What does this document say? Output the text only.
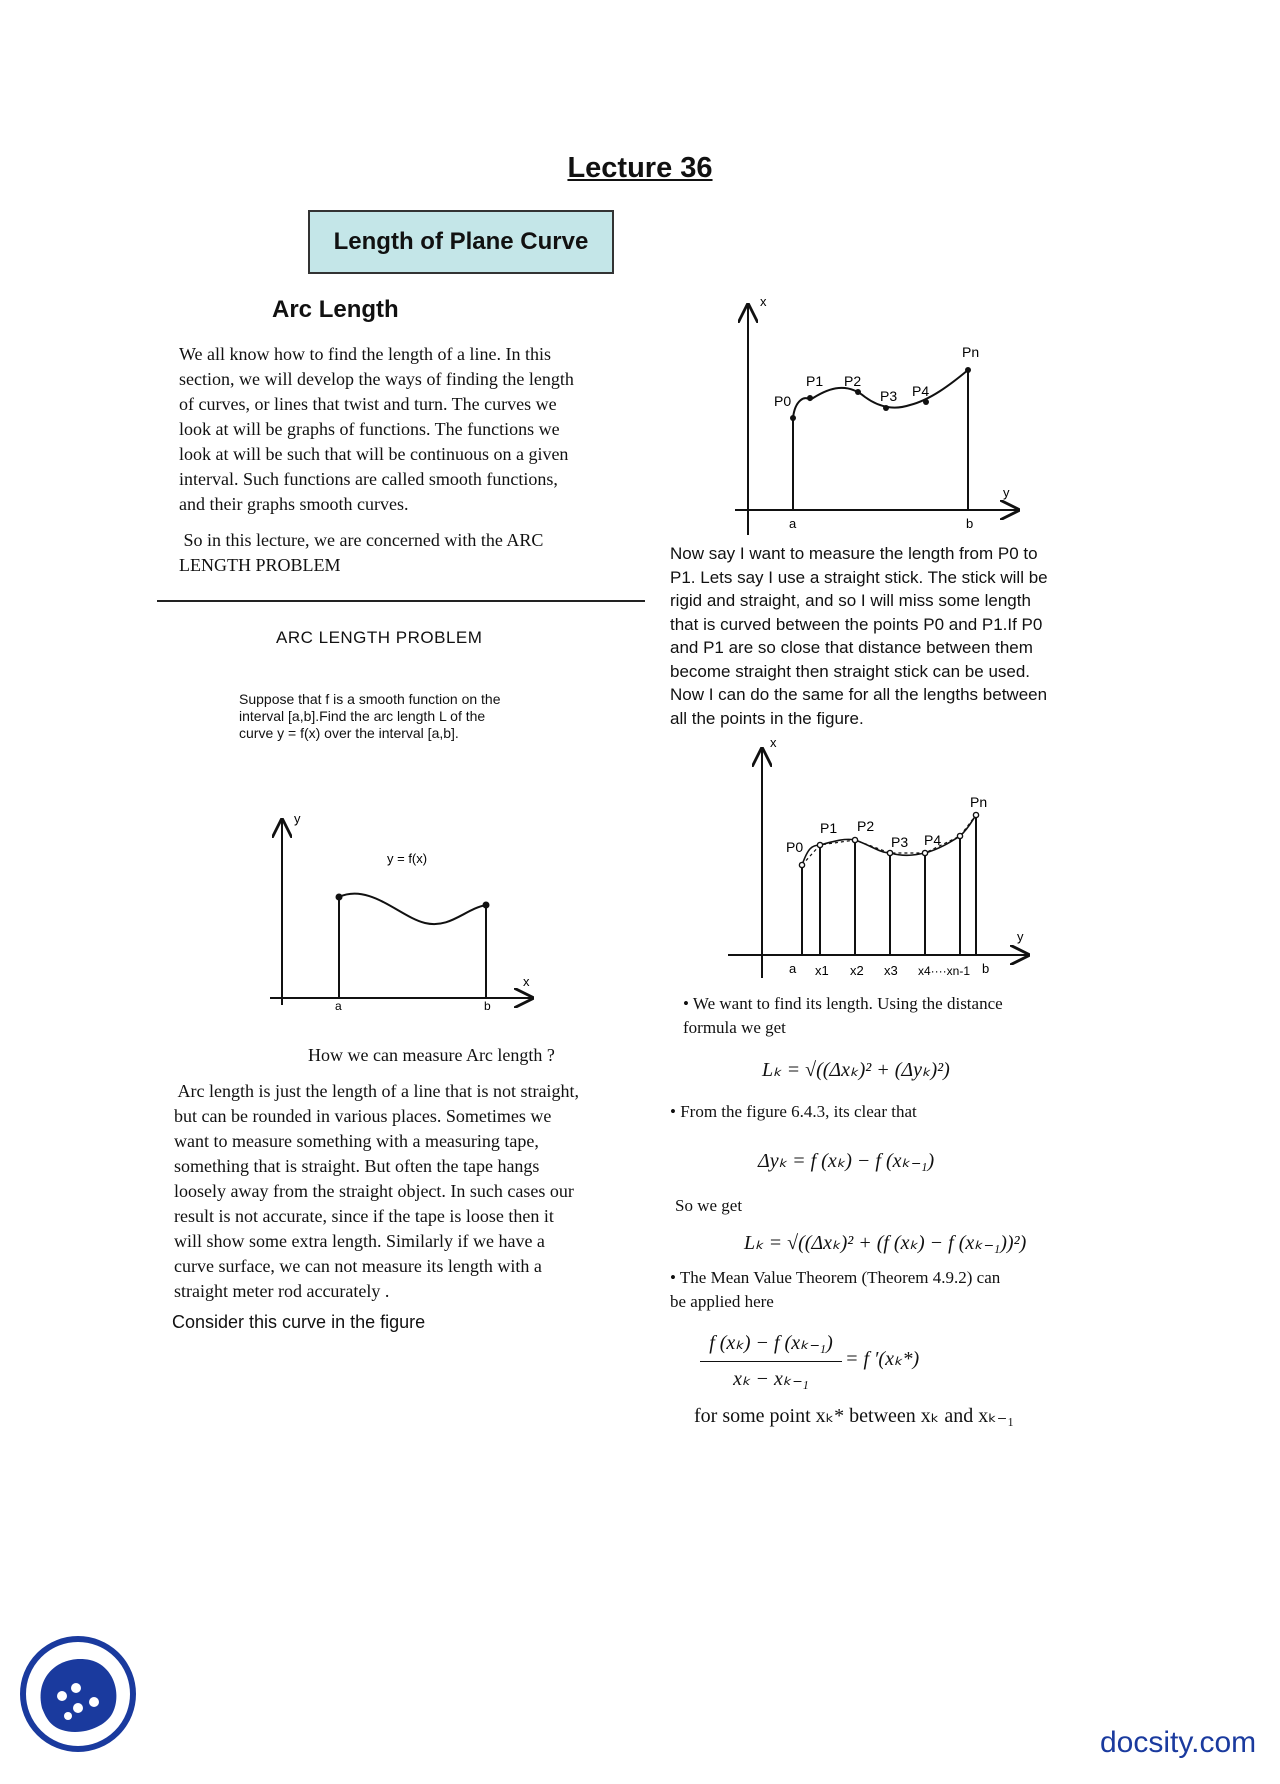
Lecture 36
Length of Plane Curve
Arc Length

We all know how to find the length of a line. In this

section, we will develop the ways of finding the length

of curves, or lines that twist and turn. The curves we

look at will be graphs of functions. The functions we

look at will be such that will be continuous on a given

interval. Such functions are called smooth functions,

and their graphs smooth curves.

So in this lecture, we are concerned with the ARC

LENGTH PROBLEM

ARC LENGTH PROBLEM
Suppose that f is a smooth function on the
interval [a,b].Find the arc length L of the
curve y = f(x) over the interval [a,b].
y
x
y = f(x)
a	b
How we can measure Arc length ?

Arc length is just the length of a line that is not straight,

but can be rounded in various places. Sometimes we

want to measure something with a measuring tape,

something that is straight. But often the tape hangs

loosely away from the straight object. In such cases our

result is not accurate, since if the tape is loose then it

will show some extra length. Similarly if we have a

curve surface, we can not measure its length with a

straight meter rod accurately .

Consider this curve in the figure
x
y
P0
P1 P2
P3 P4
Pn
a	b
Now say I want to measure the length from P0 to
P1. Lets say I use a straight stick. The stick will be
rigid and straight, and so I will miss some length
that is curved between the points P0 and P1.If P0
and P1 are so close that distance between them
become straight then straight stick can be used.
Now I can do the same for all the lengths between
all the points in the figure.
x
y
P0
P1 P2
P3 P4
Pn
a x1 x2 x3 x4····xn-1 b
• We want to find its length. Using the distance
formula we get
Lₖ = √((Δxₖ)² + (Δyₖ)²)
• From the figure 6.4.3, its clear that
Δyₖ = f (xₖ) − f (xₖ₋₁)
So we get
Lₖ = √((Δxₖ)² + (f (xₖ) − f (xₖ₋₁))²)
• The Mean Value Theorem (Theorem 4.9.2) can
be applied here
f (xₖ) − f (xₖ₋₁)
xₖ − xₖ₋₁
= f ′(xₖ*)
for some point xₖ* between xₖ and xₖ₋₁
docsity.com
